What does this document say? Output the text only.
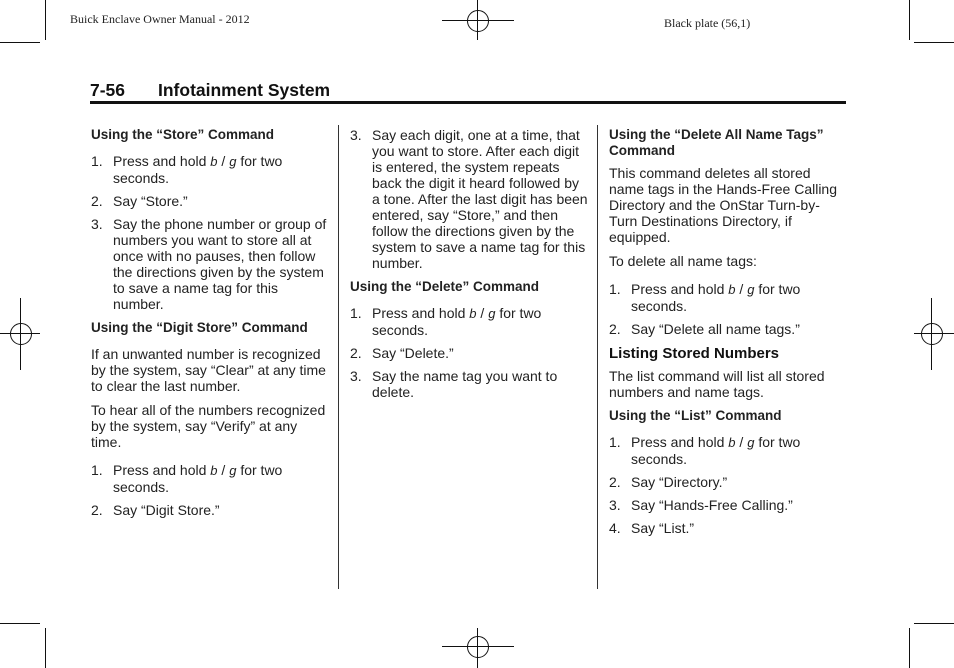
Buick Enclave Owner Manual - 2012	Black plate (56,1)
7-56 Infotainment System
Using the “Store” Command
1. Press and hold b / g for two seconds.
2. Say “Store.”
3. Say the phone number or group of numbers you want to store all at once with no pauses, then follow the directions given by the system to save a name tag for this number.
Using the “Digit Store” Command

If an unwanted number is recognized by the system, say “Clear” at any time to clear the last number.

To hear all of the numbers recognized by the system, say “Verify” at any time.

1. Press and hold b / g for two seconds.
2. Say “Digit Store.”
3. Say each digit, one at a time, that you want to store. After each digit is entered, the system repeats back the digit it heard followed by a tone. After the last digit has been entered, say “Store,” and then follow the directions given by the system to save a name tag for this number.
Using the “Delete” Command
1. Press and hold b / g for two seconds.
2. Say “Delete.”
3. Say the name tag you want to delete.
Using the “Delete All Name Tags” Command

This command deletes all stored name tags in the Hands-Free Calling Directory and the OnStar Turn-by-Turn Destinations Directory, if equipped.

To delete all name tags:

1. Press and hold b / g for two seconds.
2. Say “Delete all name tags.”
Listing Stored Numbers

The list command will list all stored numbers and name tags.

Using the “List” Command
1. Press and hold b / g for two seconds.
2. Say “Directory.”
3. Say “Hands-Free Calling.”
4. Say “List.”
